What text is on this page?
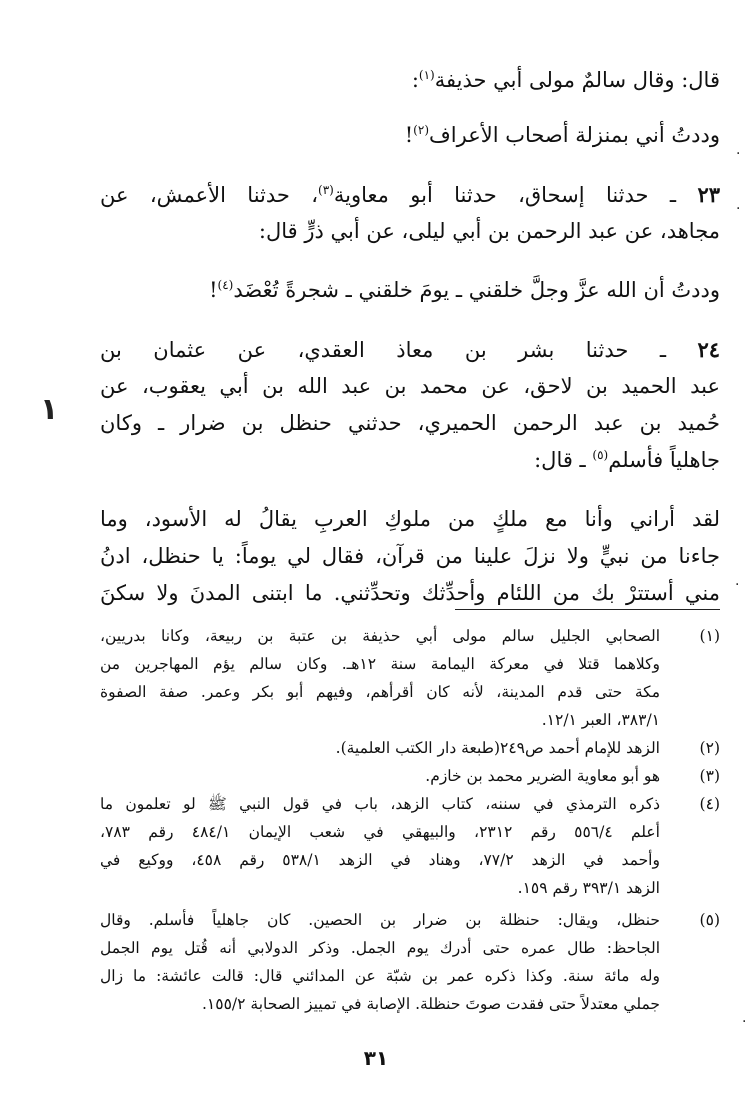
.
.
.
.
١
قال: وقال سالمٌ مولى أبي حذيفة$^{(١)}$:
وددتُ أني بمنزلة أصحاب الأعراف$^{(٢)}$!
٢٣ ـ حدثنا إسحاق، حدثنا أبو معاوية$^{(٣)}$، حدثنا الأعمش، عن
مجاهد، عن عبد الرحمن بن أبي ليلى، عن أبي ذرٍّ قال:
وددتُ أن الله عزَّ وجلَّ خلقني ـ يومَ خلقني ـ شجرةً تُعْضَد$^{(٤)}$!
٢٤ ـ حدثنا بشر بن معاذ العقدي، عن عثمان بن
عبد الحميد بن لاحق، عن محمد بن عبد الله بن أبي يعقوب، عن
حُميد بن عبد الرحمن الحميري، حدثني حنظل بن ضرار ـ وكان
جاهلياً فأسلم$^{(٥)}$ ـ قال:
لقد أراني وأنا مع ملكٍ من ملوكِ العربِ يقالُ له الأسود، وما
جاءنا من نبيٍّ ولا نزلَ علينا من قرآن، فقال لي يوماً: يا حنظل، ادنُ
مني أستترْ بك من اللئام وأحدِّثك وتحدِّثني. ما ابتنى المدنَ ولا سكنَ
(١)
الصحابي الجليل سالم مولى أبي حذيفة بن عتبة بن ربيعة، وكانا بدريين،
وكلاهما قتلا في معركة اليمامة سنة ١٢هـ. وكان سالم يؤم المهاجرين من
مكة حتى قدم المدينة، لأنه كان أقرأهم، وفيهم أبو بكر وعمر. صفة الصفوة
٣٨٣/١، العبر ١٢/١.
(٢)
الزهد للإمام أحمد ص٢٤٩(طبعة دار الكتب العلمية).
(٣)
هو أبو معاوية الضرير محمد بن خازم.
(٤)
ذكره الترمذي في سننه، كتاب الزهد، باب في قول النبي ﷺ لو تعلمون ما
أعلم ٥٥٦/٤ رقم ٢٣١٢، والبيهقي في شعب الإيمان ٤٨٤/١ رقم ٧٨٣،
وأحمد في الزهد ٧٧/٢، وهناد في الزهد ٥٣٨/١ رقم ٤٥٨، ووكيع في
الزهد ٣٩٣/١ رقم ١٥٩.
(٥)
حنظل، ويقال: حنظلة بن ضرار بن الحصين. كان جاهلياً فأسلم. وقال
الجاحظ: طال عمره حتى أدرك يوم الجمل. وذكر الدولابي أنه قُتل يوم الجمل
وله مائة سنة. وكذا ذكره عمر بن شبّة عن المدائني قال: قالت عائشة: ما زال
جملي معتدلاً حتى فقدت صوتَ حنظلة. الإصابة في تمييز الصحابة ١٥٥/٢.
٣١
